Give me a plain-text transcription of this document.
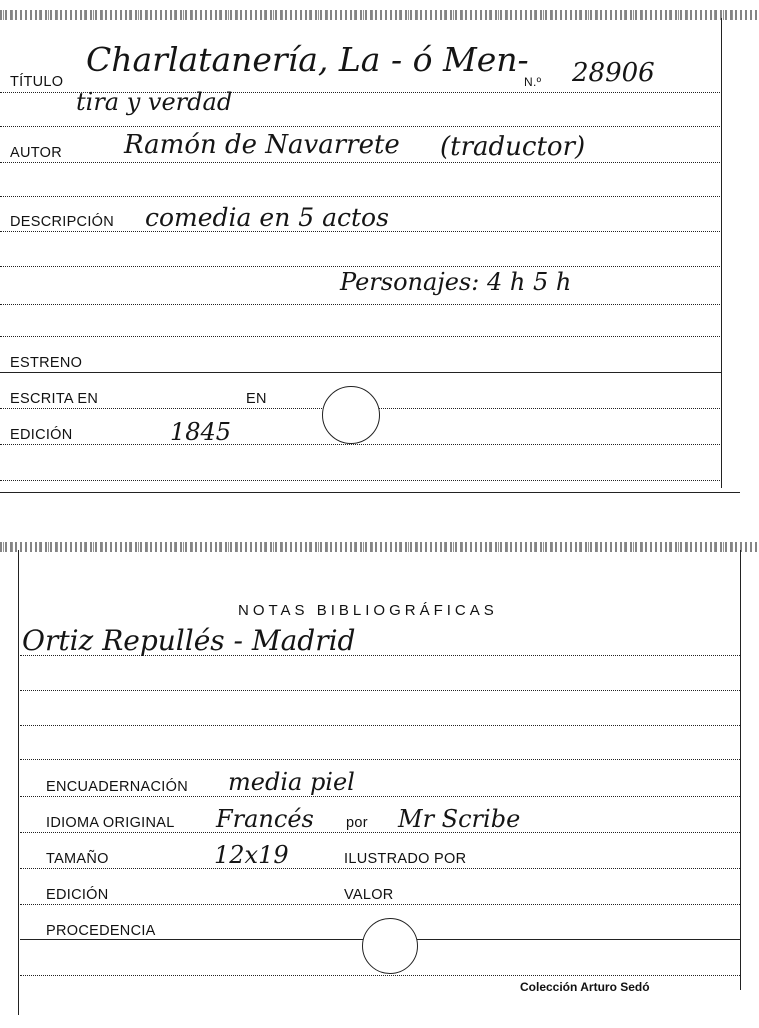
TÍTULO
Charlatanería, La - ó Men-
N.º 28906
tira y verdad
AUTOR Ramón de Navarrete (traductor)
DESCRIPCIÓN comedia en 5 actos
Personajes: 4 h 5 h
ESTRENO
ESCRITA EN	EN
EDICIÓN	1845
NOTAS BIBLIOGRÁFICAS
Ortiz Repullés - Madrid
ENCUADERNACIÓN media piel
IDIOMA ORIGINAL Francés por Mr Scribe
TAMAÑO	12x19	ILUSTRADO POR
EDICIÓN	VALOR
PROCEDENCIA
Colección Arturo Sedó
